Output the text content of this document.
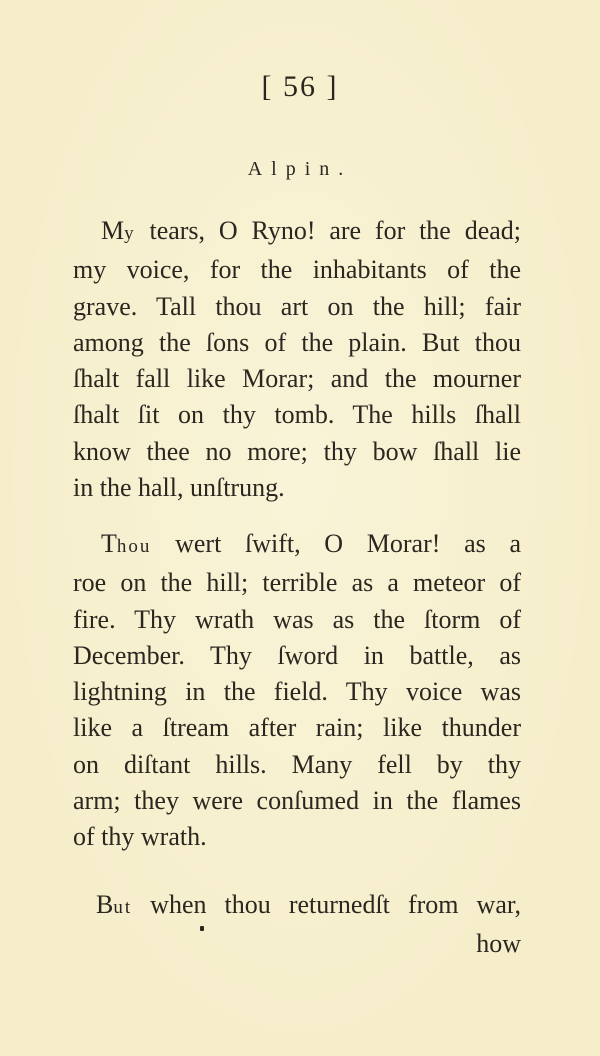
[ 56 ]
Alpin.
My tears, O Ryno! are for the dead;
my voice, for the inhabitants of the
grave. Tall thou art on the hill; fair
among the ſons of the plain. But thou
ſhalt fall like Morar; and the mourner
ſhalt ſit on thy tomb. The hills ſhall
know thee no more; thy bow ſhall lie
in the hall, unſtrung.
Thou wert ſwift, O Morar! as a
roe on the hill; terrible as a meteor of
fire. Thy wrath was as the ſtorm of
December. Thy ſword in battle, as
lightning in the field. Thy voice was
like a ſtream after rain; like thunder
on diſtant hills. Many fell by thy
arm; they were conſumed in the flames
of thy wrath.
But when thou returnedſt from war,
how
